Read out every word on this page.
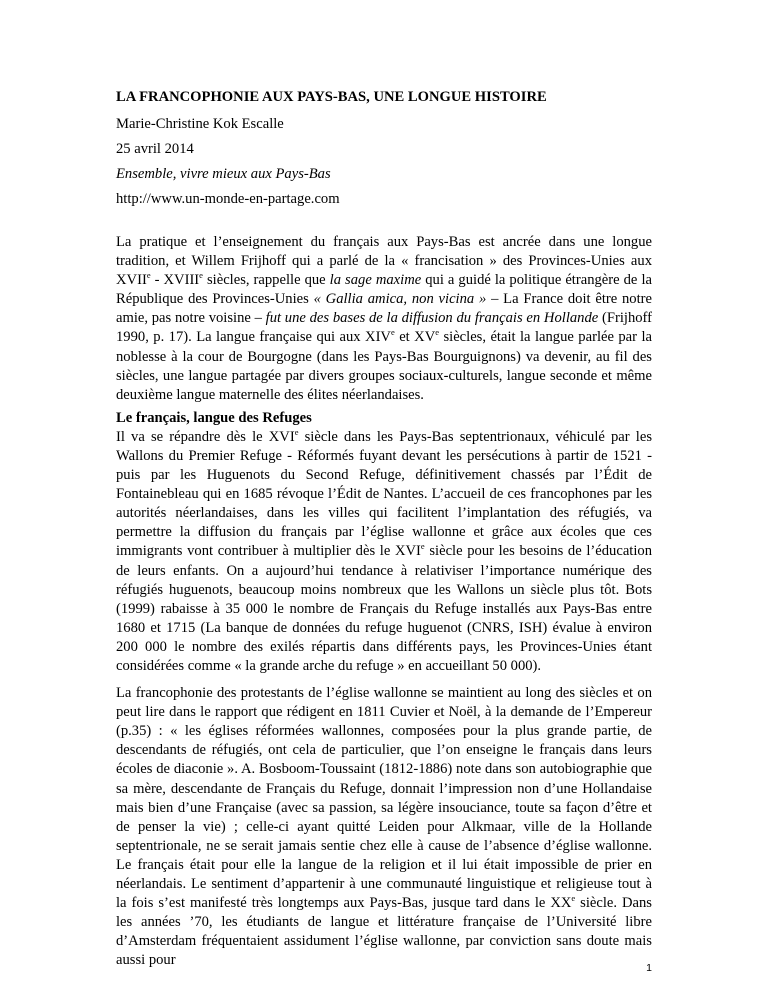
LA FRANCOPHONIE AUX PAYS-BAS, UNE LONGUE HISTOIRE
Marie-Christine Kok Escalle
25 avril 2014
Ensemble, vivre mieux aux Pays-Bas
http://www.un-monde-en-partage.com

La pratique et l’enseignement du français aux Pays-Bas est ancrée dans une longue tradition, et Willem Frijhoff qui a parlé de la « francisation » des Provinces-Unies aux XVIIe - XVIIIe siècles, rappelle que la sage maxime qui a guidé la politique étrangère de la République des Provinces-Unies « Gallia amica, non vicina » – La France doit être notre amie, pas notre voisine – fut une des bases de la diffusion du français en Hollande (Frijhoff 1990, p. 17). La langue française qui aux XIVe et XVe siècles, était la langue parlée par la noblesse à la cour de Bourgogne (dans les Pays-Bas Bourguignons) va devenir, au fil des siècles, une langue partagée par divers groupes sociaux-culturels, langue seconde et même deuxième langue maternelle des élites néerlandaises.

Le français, langue des Refuges

Il va se répandre dès le XVIe siècle dans les Pays-Bas septentrionaux, véhiculé par les Wallons du Premier Refuge - Réformés fuyant devant les persécutions à partir de 1521 - puis par les Huguenots du Second Refuge, définitivement chassés par l’Édit de Fontainebleau qui en 1685 révoque l’Édit de Nantes. L’accueil de ces francophones par les autorités néerlandaises, dans les villes qui facilitent l’implantation des réfugiés, va permettre la diffusion du français par l’église wallonne et grâce aux écoles que ces immigrants vont contribuer à multiplier dès le XVIe siècle pour les besoins de l’éducation de leurs enfants. On a aujourd’hui tendance à relativiser l’importance numérique des réfugiés huguenots, beaucoup moins nombreux que les Wallons un siècle plus tôt. Bots (1999) rabaisse à 35 000 le nombre de Français du Refuge installés aux Pays-Bas entre 1680 et 1715 (La banque de données du refuge huguenot (CNRS, ISH) évalue à environ 200 000 le nombre des exilés répartis dans différents pays, les Provinces-Unies étant considérées comme « la grande arche du refuge » en accueillant 50 000).

La francophonie des protestants de l’église wallonne se maintient au long des siècles et on peut lire dans le rapport que rédigent en 1811 Cuvier et Noël, à la demande de l’Empereur (p.35) : « les églises réformées wallonnes, composées pour la plus grande partie, de descendants de réfugiés, ont cela de particulier, que l’on enseigne le français dans leurs écoles de diaconie ». A. Bosboom-Toussaint (1812-1886) note dans son autobiographie que sa mère, descendante de Français du Refuge, donnait l’impression non d’une Hollandaise mais bien d’une Française (avec sa passion, sa légère insouciance, toute sa façon d’être et de penser la vie) ; celle-ci ayant quitté Leiden pour Alkmaar, ville de la Hollande septentrionale, ne se serait jamais sentie chez elle à cause de l’absence d’église wallonne. Le français était pour elle la langue de la religion et il lui était impossible de prier en néerlandais. Le sentiment d’appartenir à une communauté linguistique et religieuse tout à la fois s’est manifesté très longtemps aux Pays-Bas, jusque tard dans le XXe siècle. Dans les années ’70, les étudiants de langue et littérature française de l’Université libre d’Amsterdam fréquentaient assidument l’église wallonne, par conviction sans doute mais aussi pour	1
